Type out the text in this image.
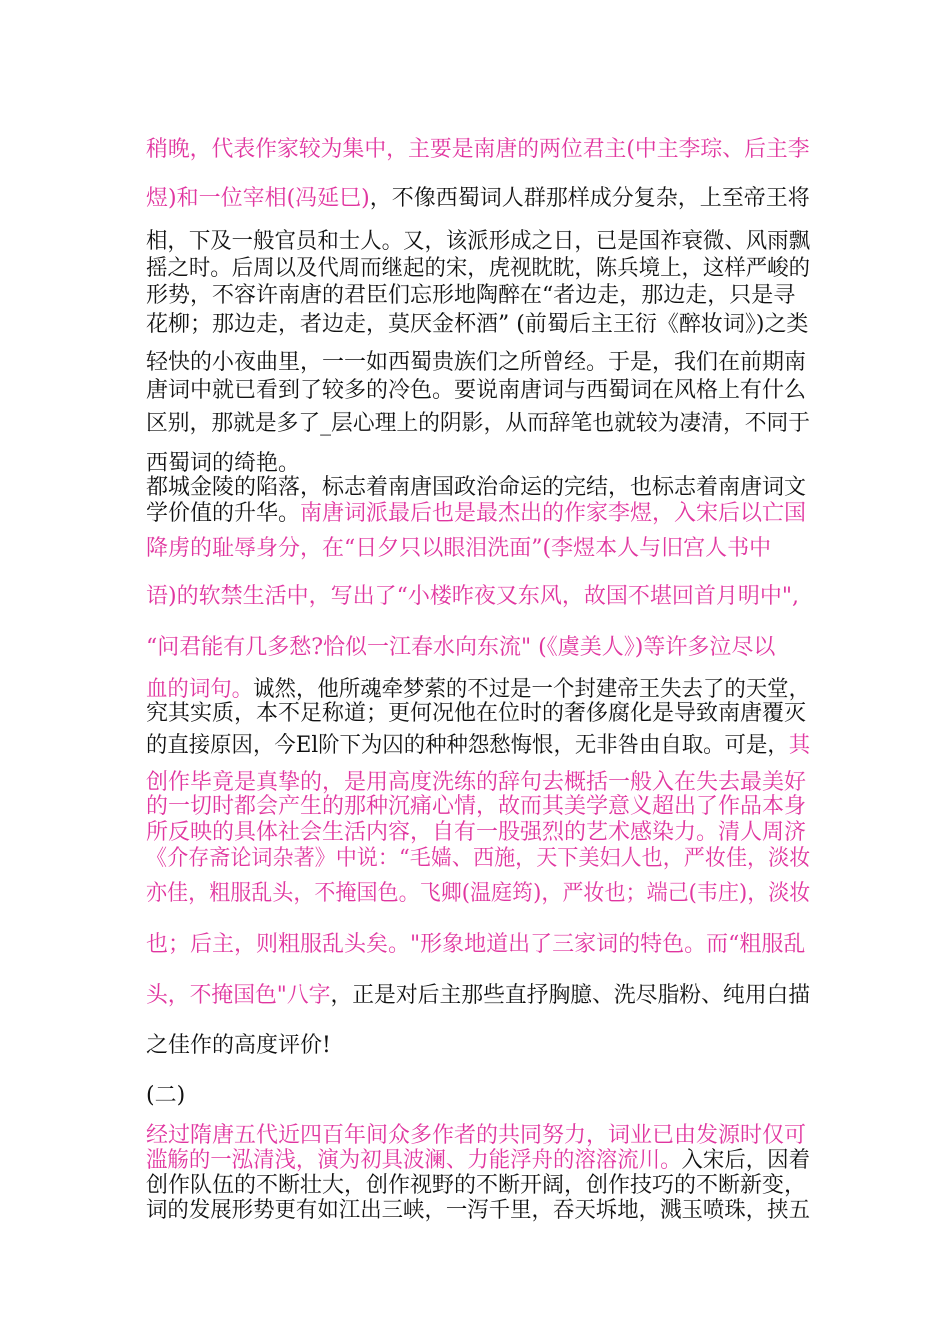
稍晚，代表作家较为集中，主要是南唐的两位君主(中主李琮、后主李
煜)和一位宰相(冯延巳)，不像西蜀词人群那样成分复杂，上至帝王将
相，下及一般官员和士人。又，该派形成之日，已是国祚衰微、风雨飘
摇之时。后周以及代周而继起的宋，虎视眈眈，陈兵境上，这样严峻的
形势，不容许南唐的君臣们忘形地陶醉在“者边走，那边走，只是寻
花柳；那边走，者边走，莫厌金杯酒” (前蜀后主王衍《醉妆词》)之类
轻快的小夜曲里，一一如西蜀贵族们之所曾经。于是，我们在前期南
唐词中就已看到了较多的冷色。要说南唐词与西蜀词在风格上有什么
区别，那就是多了_层心理上的阴影，从而辞笔也就较为凄清，不同于
西蜀词的绮艳。
都城金陵的陷落，标志着南唐国政治命运的完结，也标志着南唐词文
学价值的升华。南唐词派最后也是最杰出的作家李煜，入宋后以亡国
降虏的耻辱身分，在“日夕只以眼泪洗面”(李煜本人与旧宫人书中
语)的软禁生活中，写出了“小楼昨夜又东风，故国不堪回首月明中",
“问君能有几多愁?恰似一江春水向东流" (《虞美人》)等许多泣尽以
血的词句。诚然，他所魂牵梦萦的不过是一个封建帝王失去了的天堂，
究其实质，本不足称道；更何况他在位时的奢侈腐化是导致南唐覆灭
的直接原因，今El阶下为囚的种种怨愁悔恨，无非咎由自取。可是，其
创作毕竟是真挚的，是用高度洗练的辞句去概括一般入在失去最美好
的一切时都会产生的那种沉痛心情，故而其美学意义超出了作品本身
所反映的具体社会生活内容，自有一股强烈的艺术感染力。清人周济
《介存斋论词杂著》中说：“毛嫱、西施，天下美妇人也，严妆佳，淡妆
亦佳，粗服乱头，不掩国色。飞卿(温庭筠)，严妆也；端己(韦庄)，淡妆
也；后主，则粗服乱头矣。"形象地道出了三家词的特色。而“粗服乱
头，不掩国色"八字，正是对后主那些直抒胸臆、洗尽脂粉、纯用白描
之佳作的高度评价!
(二)
经过隋唐五代近四百年间众多作者的共同努力，词业已由发源时仅可
滥觞的一泓清浅，演为初具波澜、力能浮舟的溶溶流川。入宋后，因着
创作队伍的不断壮大，创作视野的不断开阔，创作技巧的不断新变，
词的发展形势更有如江出三峡，一泻千里，吞天坼地，溅玉喷珠，挟五
